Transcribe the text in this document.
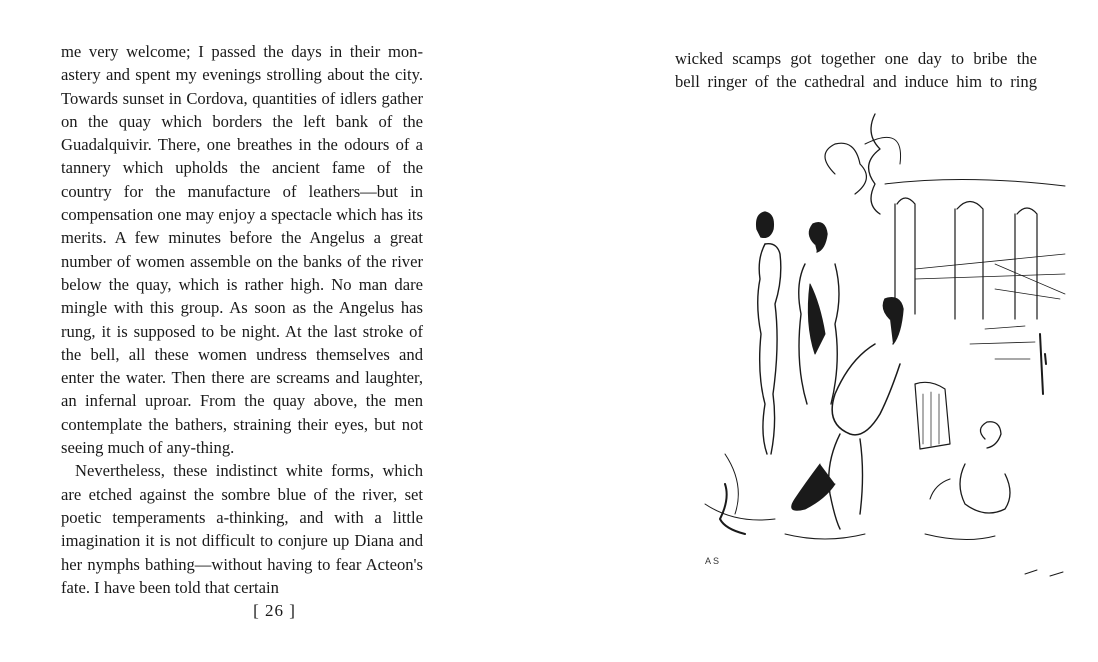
me very welcome; I passed the days in their mon-astery and spent my evenings strolling about the city. Towards sunset in Cordova, quantities of idlers gather on the quay which borders the left bank of the Guadalquivir. There, one breathes in the odours of a tannery which upholds the ancient fame of the country for the manufacture of leathers—but in compensation one may enjoy a spectacle which has its merits. A few minutes before the Angelus a great number of women assemble on the banks of the river below the quay, which is rather high. No man dare mingle with this group. As soon as the Angelus has rung, it is supposed to be night. At the last stroke of the bell, all these women undress themselves and enter the water. Then there are screams and laughter, an infernal uproar. From the quay above, the men contemplate the bathers, straining their eyes, but not seeing much of any-thing.

Nevertheless, these indistinct white forms, which are etched against the sombre blue of the river, set poetic temperaments a-thinking, and with a little imagination it is not difficult to conjure up Diana and her nymphs bathing—without having to fear Acteon's fate. I have been told that certain

[ 26 ]
wicked scamps got together one day to bribe the
bell ringer of the cathedral and induce him to ring
A S
